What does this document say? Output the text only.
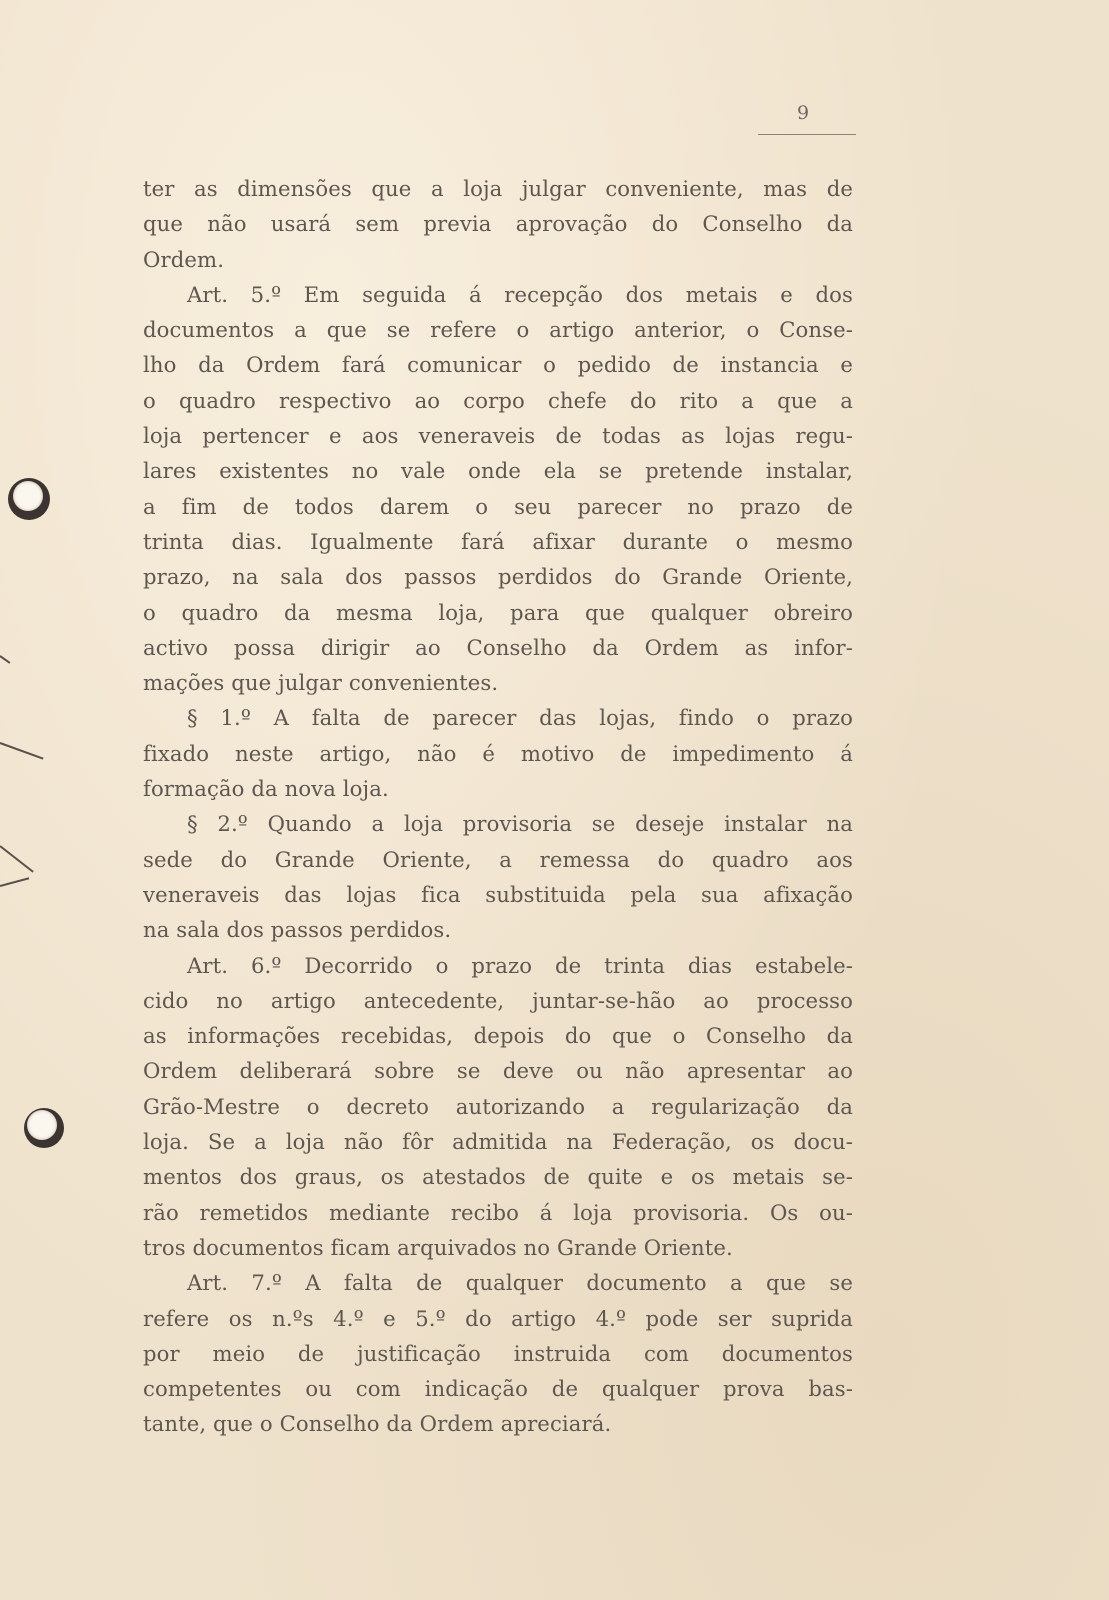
9
ter as dimensões que a loja julgar conveniente, mas de
que não usará sem previa aprovação do Conselho da
Ordem.
Art. 5.º Em seguida á recepção dos metais e dos
documentos a que se refere o artigo anterior, o Conse-
lho da Ordem fará comunicar o pedido de instancia e
o quadro respectivo ao corpo chefe do rito a que a
loja pertencer e aos veneraveis de todas as lojas regu-
lares existentes no vale onde ela se pretende instalar,
a fim de todos darem o seu parecer no prazo de
trinta dias. Igualmente fará afixar durante o mesmo
prazo, na sala dos passos perdidos do Grande Oriente,
o quadro da mesma loja, para que qualquer obreiro
activo possa dirigir ao Conselho da Ordem as infor-
mações que julgar convenientes.
§ 1.º A falta de parecer das lojas, findo o prazo
fixado neste artigo, não é motivo de impedimento á
formação da nova loja.
§ 2.º Quando a loja provisoria se deseje instalar na
sede do Grande Oriente, a remessa do quadro aos
veneraveis das lojas fica substituida pela sua afixação
na sala dos passos perdidos.
Art. 6.º Decorrido o prazo de trinta dias estabele-
cido no artigo antecedente, juntar-se-hão ao processo
as informações recebidas, depois do que o Conselho da
Ordem deliberará sobre se deve ou não apresentar ao
Grão-Mestre o decreto autorizando a regularização da
loja. Se a loja não fôr admitida na Federação, os docu-
mentos dos graus, os atestados de quite e os metais se-
rão remetidos mediante recibo á loja provisoria. Os ou-
tros documentos ficam arquivados no Grande Oriente.
Art. 7.º A falta de qualquer documento a que se
refere os n.ºs 4.º e 5.º do artigo 4.º pode ser suprida
por meio de justificação instruida com documentos
competentes ou com indicação de qualquer prova bas-
tante, que o Conselho da Ordem apreciará.
